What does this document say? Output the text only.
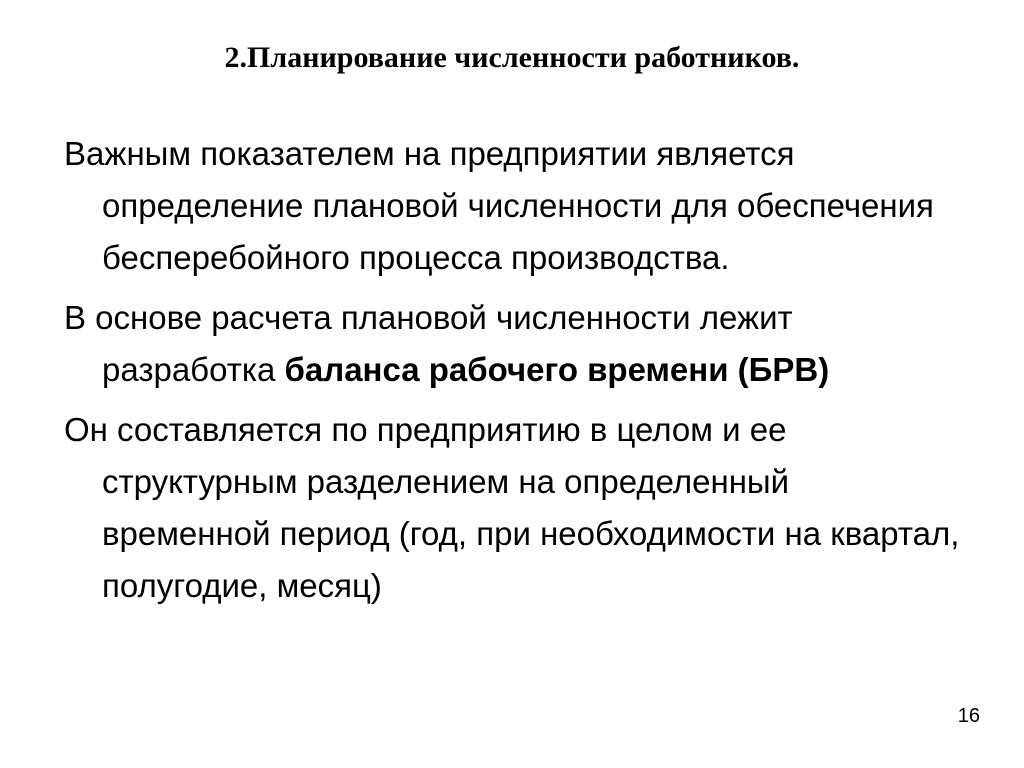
2.Планирование численности работников.

Важным показателем на предприятии является определение плановой численности для обеспечения бесперебойного процесса производства.

В основе расчета плановой численности лежит разработка баланса рабочего времени (БРВ)

Он составляется по предприятию в целом и ее структурным разделением на определенный временной период (год, при необходимости на квартал, полугодие, месяц)

16
